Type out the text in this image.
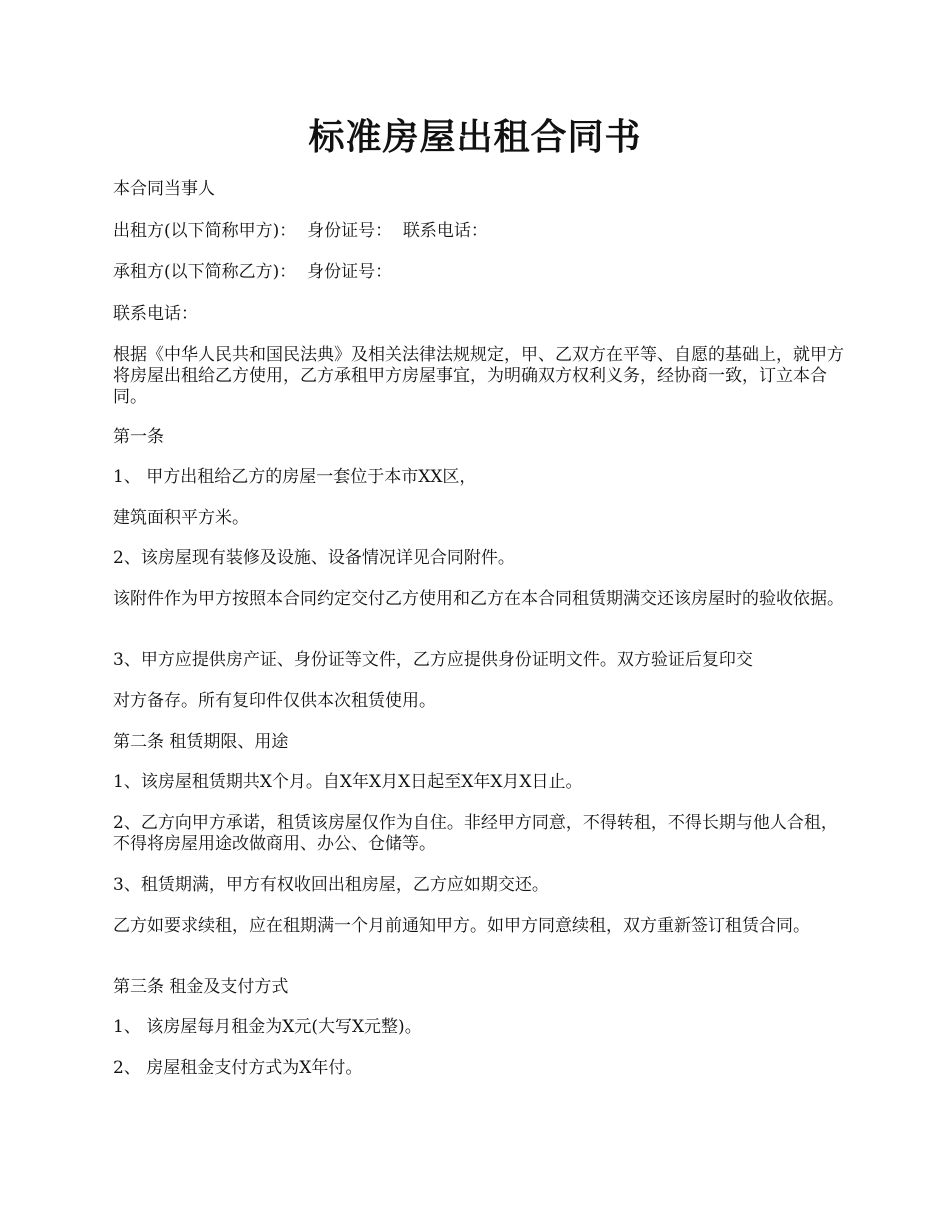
标准房屋出租合同书

本合同当事人

出租方(以下简称甲方)：  身份证号：  联系电话：

承租方(以下简称乙方)：  身份证号：

联系电话：

根据《中华人民共和国民法典》及相关法律法规规定，甲、乙双方在平等、自愿的基础上，就甲方将房屋出租给乙方使用，乙方承租甲方房屋事宜，为明确双方权利义务，经协商一致，订立本合同。

第一条

1、 甲方出租给乙方的房屋一套位于本市XX区，

建筑面积平方米。

2、该房屋现有装修及设施、设备情况详见合同附件。

该附件作为甲方按照本合同约定交付乙方使用和乙方在本合同租赁期满交还该房屋时的验收依据。

3、甲方应提供房产证、身份证等文件，乙方应提供身份证明文件。双方验证后复印交

对方备存。所有复印件仅供本次租赁使用。

第二条 租赁期限、用途

1、该房屋租赁期共X个月。自X年X月X日起至X年X月X日止。

2、乙方向甲方承诺，租赁该房屋仅作为自住。非经甲方同意，不得转租，不得长期与他人合租，不得将房屋用途改做商用、办公、仓储等。

3、租赁期满，甲方有权收回出租房屋，乙方应如期交还。

乙方如要求续租，应在租期满一个月前通知甲方。如甲方同意续租，双方重新签订租赁合同。

第三条 租金及支付方式

1、 该房屋每月租金为X元(大写X元整)。

2、 房屋租金支付方式为X年付。
